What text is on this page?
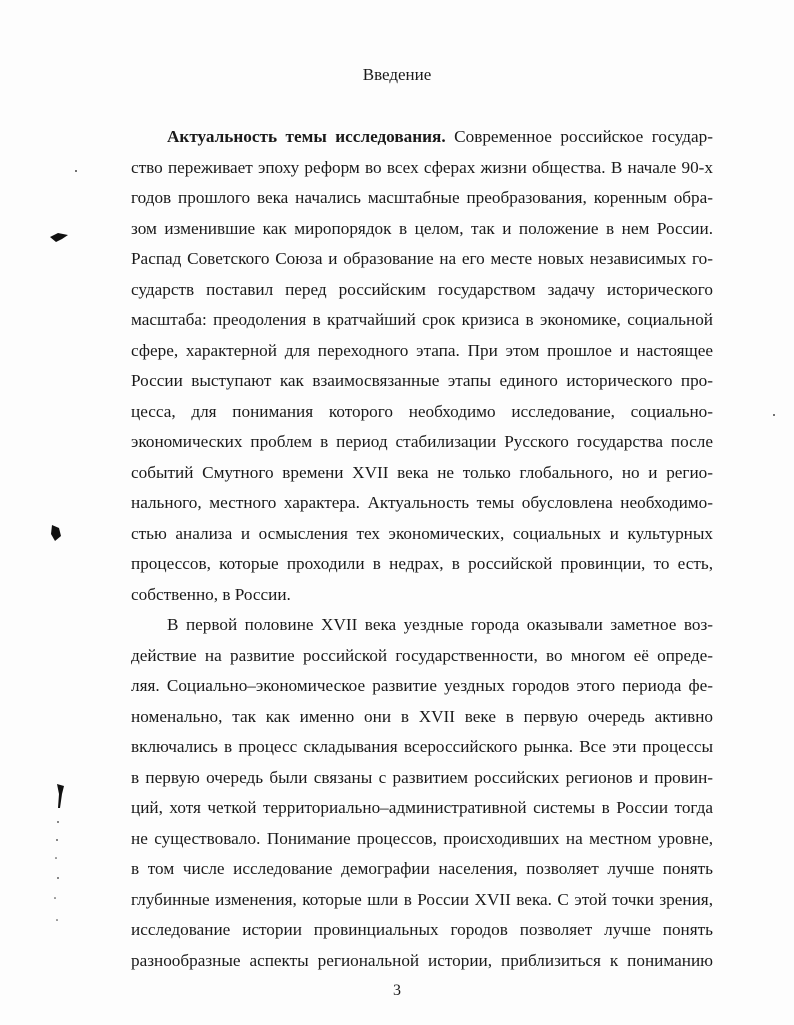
Введение
Актуальность темы исследования. Современное российское государ-
ство переживает эпоху реформ во всех сферах жизни общества. В начале 90-х
годов прошлого века начались масштабные преобразования, коренным обра-
зом изменившие как миропорядок в целом, так и положение в нем России.
Распад Советского Союза и образование на его месте новых независимых го-
сударств поставил перед российским государством задачу исторического
масштаба: преодоления в кратчайший срок кризиса в экономике, социальной
сфере, характерной для переходного этапа. При этом прошлое и настоящее
России выступают как взаимосвязанные этапы единого исторического про-
цесса, для понимания которого необходимо исследование, социально-
экономических проблем в период стабилизации Русского государства после
событий Смутного времени XVII века не только глобального, но и регио-
нального, местного характера. Актуальность темы обусловлена необходимо-
стью анализа и осмысления тех экономических, социальных и культурных
процессов, которые проходили в недрах, в российской провинции, то есть,
собственно, в России.
В первой половине XVII века уездные города оказывали заметное воз-
действие на развитие российской государственности, во многом её опреде-
ляя. Социально–экономическое развитие уездных городов этого периода фе-
номенально, так как именно они в XVII веке в первую очередь активно
включались в процесс складывания всероссийского рынка. Все эти процессы
в первую очередь были связаны с развитием российских регионов и провин-
ций, хотя четкой территориально–административной системы в России тогда
не существовало. Понимание процессов, происходивших на местном уровне,
в том числе исследование демографии населения, позволяет лучше понять
глубинные изменения, которые шли в России XVII века. С этой точки зрения,
исследование истории провинциальных городов позволяет лучше понять
разнообразные аспекты региональной истории, приблизиться к пониманию
3
